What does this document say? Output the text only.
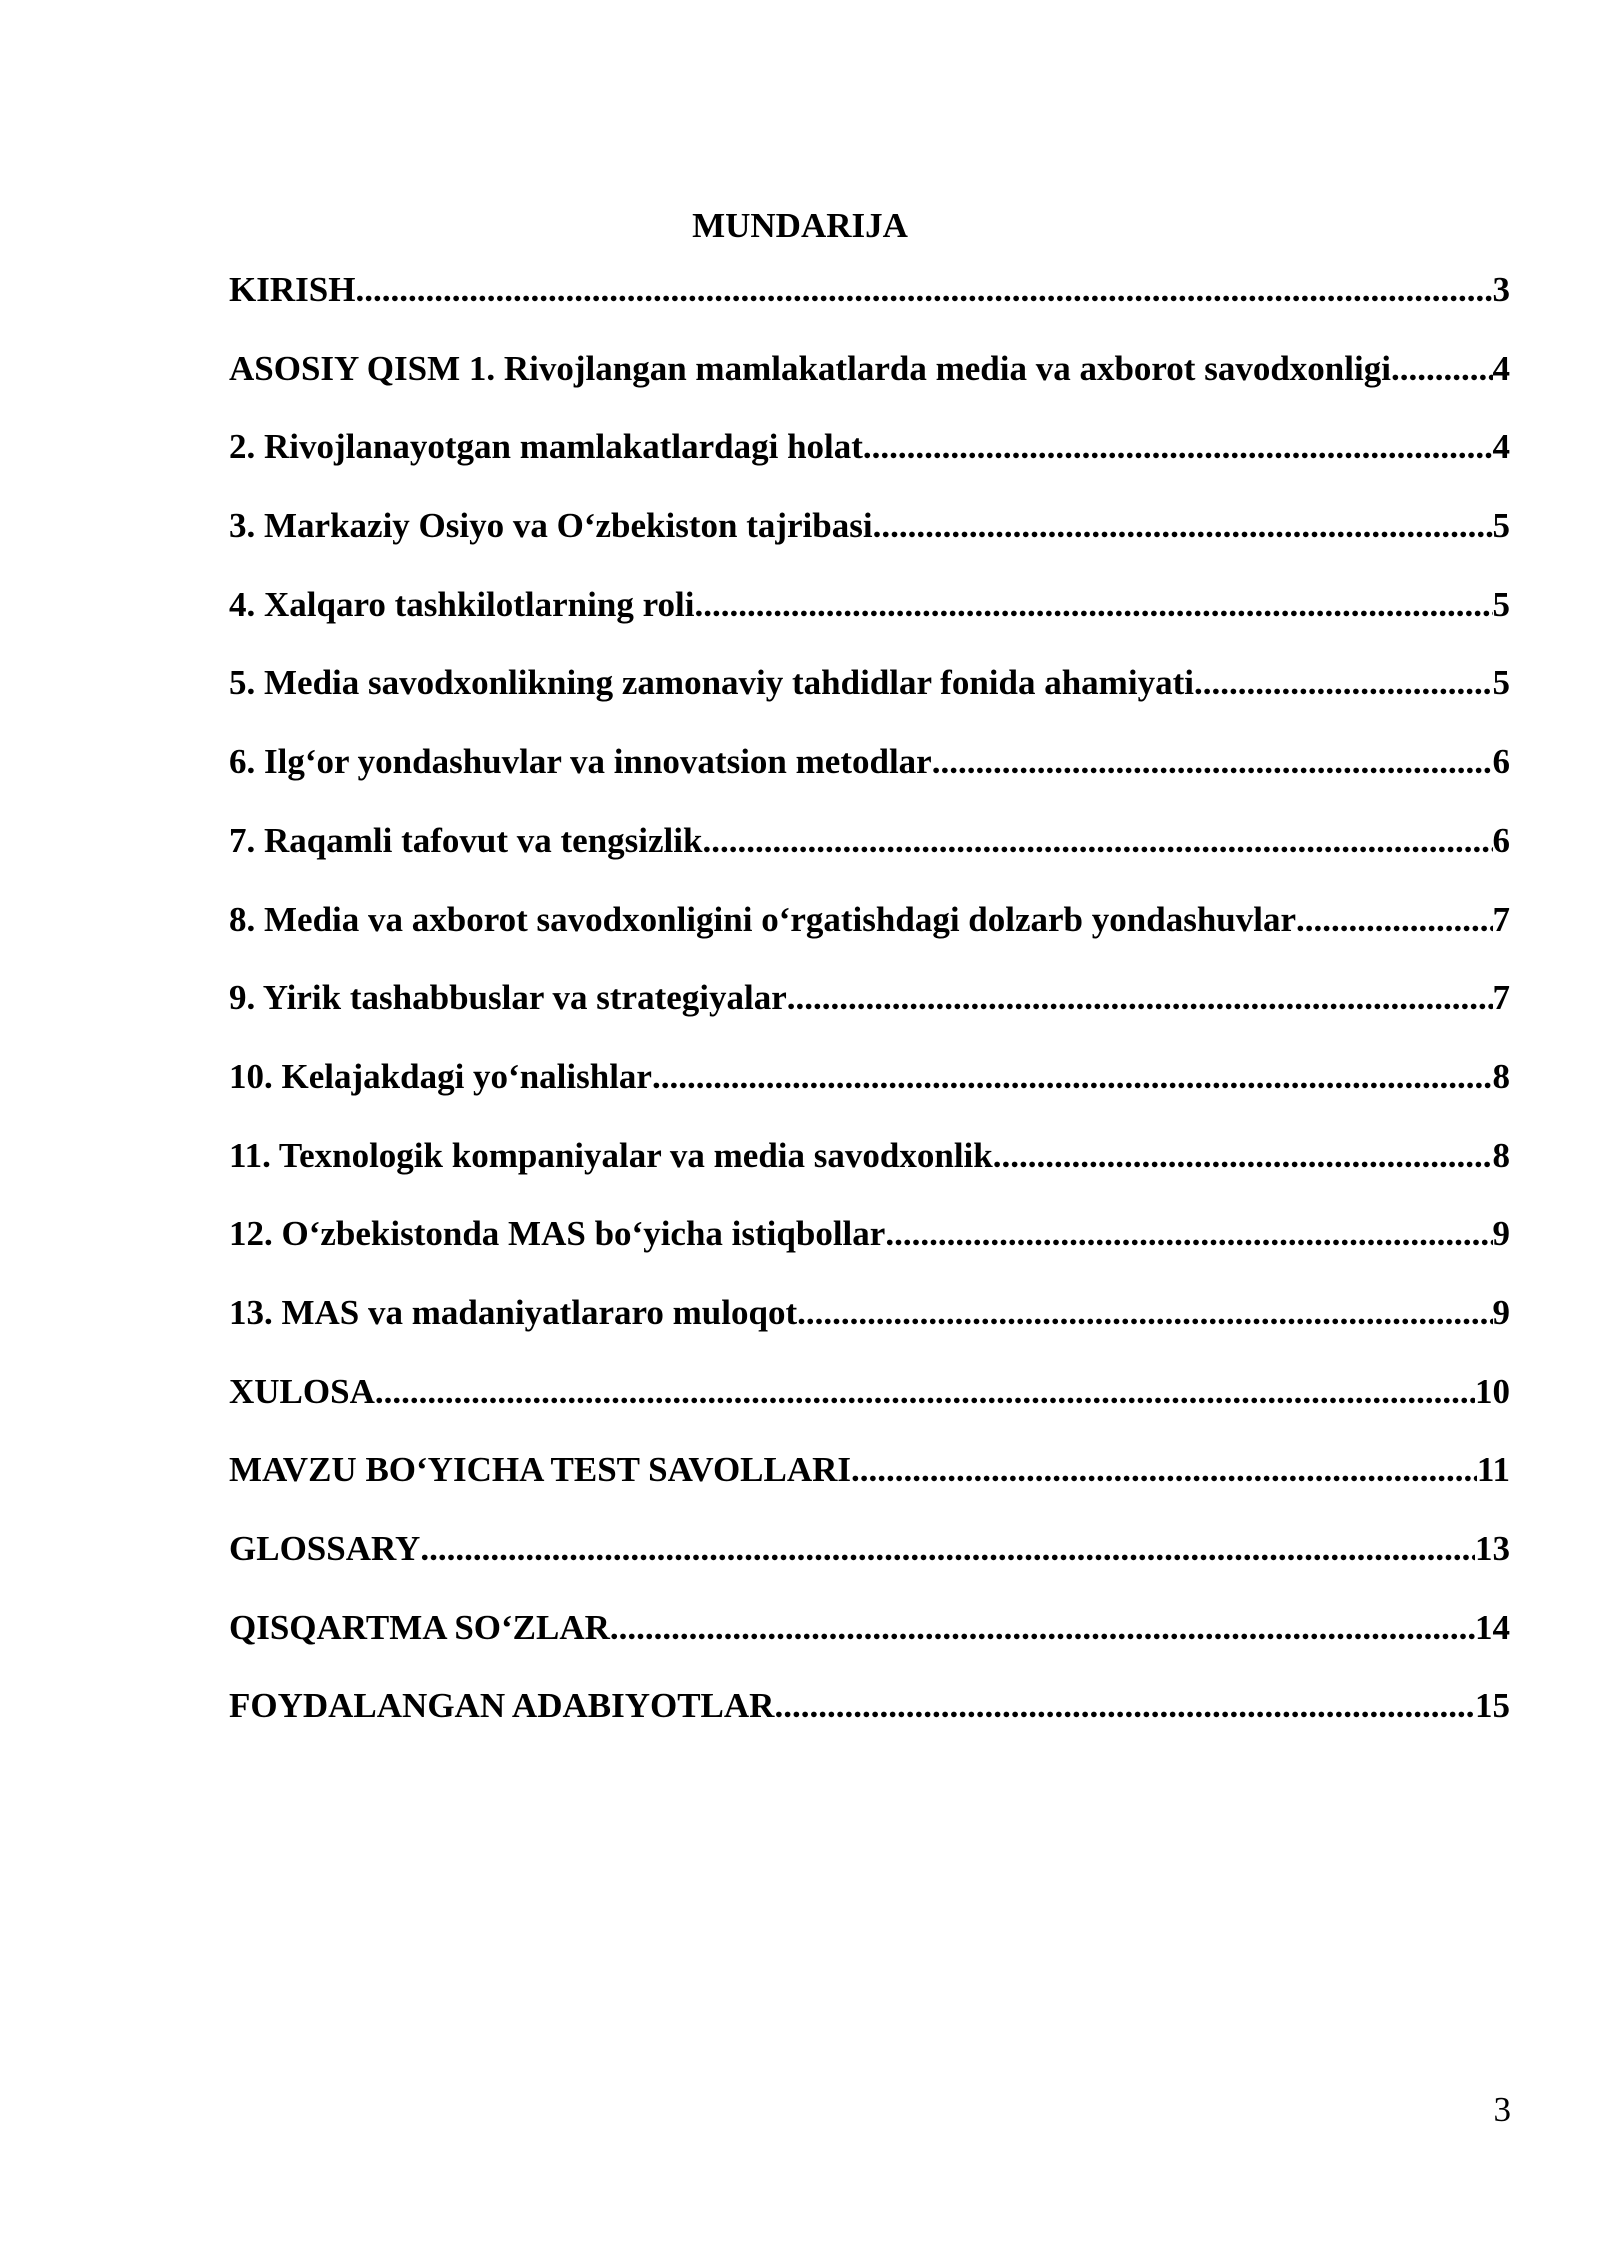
MUNDARIJA
KIRISH .....	3
ASOSIY QISM 1. Rivojlangan mamlakatlarda media va axborot savodxonligi .....	4
2. Rivojlanayotgan mamlakatlardagi holat .....	4
3. Markaziy Osiyo va Oʻzbekiston tajribasi .....	5
4. Xalqaro tashkilotlarning roli .....	5
5. Media savodxonlikning zamonaviy tahdidlar fonida ahamiyati .....	5
6. Ilgʻor yondashuvlar va innovatsion metodlar .....	6
7. Raqamli tafovut va tengsizlik .....	6
8. Media va axborot savodxonligini oʻrgatishdagi dolzarb yondashuvlar .....	7
9. Yirik tashabbuslar va strategiyalar .....	7
10. Kelajakdagi yoʻnalishlar .....	8
11. Texnologik kompaniyalar va media savodxonlik .....	8
12. Oʻzbekistonda MAS boʻyicha istiqbollar .....	9
13. MAS va madaniyatlararo muloqot .....	9
XULOSA .....	10
MAVZU BOʻYICHA TEST SAVOLLARI .....	11
GLOSSARY .....	13
QISQARTMA SOʻZLAR .....	14
FOYDALANGAN ADABIYOTLAR .....	15
3
